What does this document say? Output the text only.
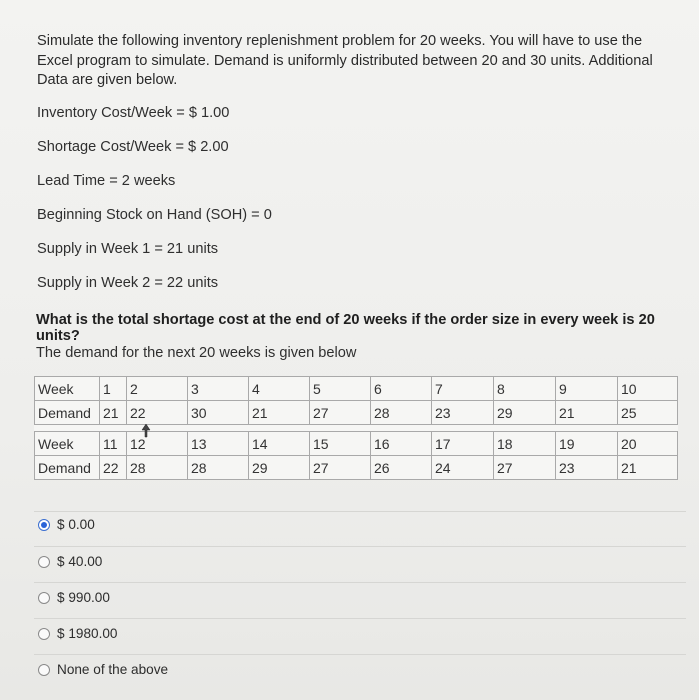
Simulate the following inventory replenishment problem for 20 weeks. You will have to use the Excel program to simulate. Demand is uniformly distributed between 20 and 30 units. Additional Data are given below.
Inventory Cost/Week = $ 1.00
Shortage Cost/Week = $ 2.00
Lead Time = 2 weeks
Beginning Stock on Hand (SOH) = 0
Supply in Week 1 = 21 units
Supply in Week 2 = 22 units
What is the total shortage cost at the end of 20 weeks if the order size in every week is 20 units?
The demand for the next 20 weeks is given below
Week	1	2	3	4	5	6	7	8	9	10
Demand	21	22	30	21	27	28	23	29	21	25

Week	11	12	13	14	15	16	17	18	19	20
Demand	22	28	28	29	27	26	24	27	23	21
$ 0.00
$ 40.00
$ 990.00
$ 1980.00
None of the above
